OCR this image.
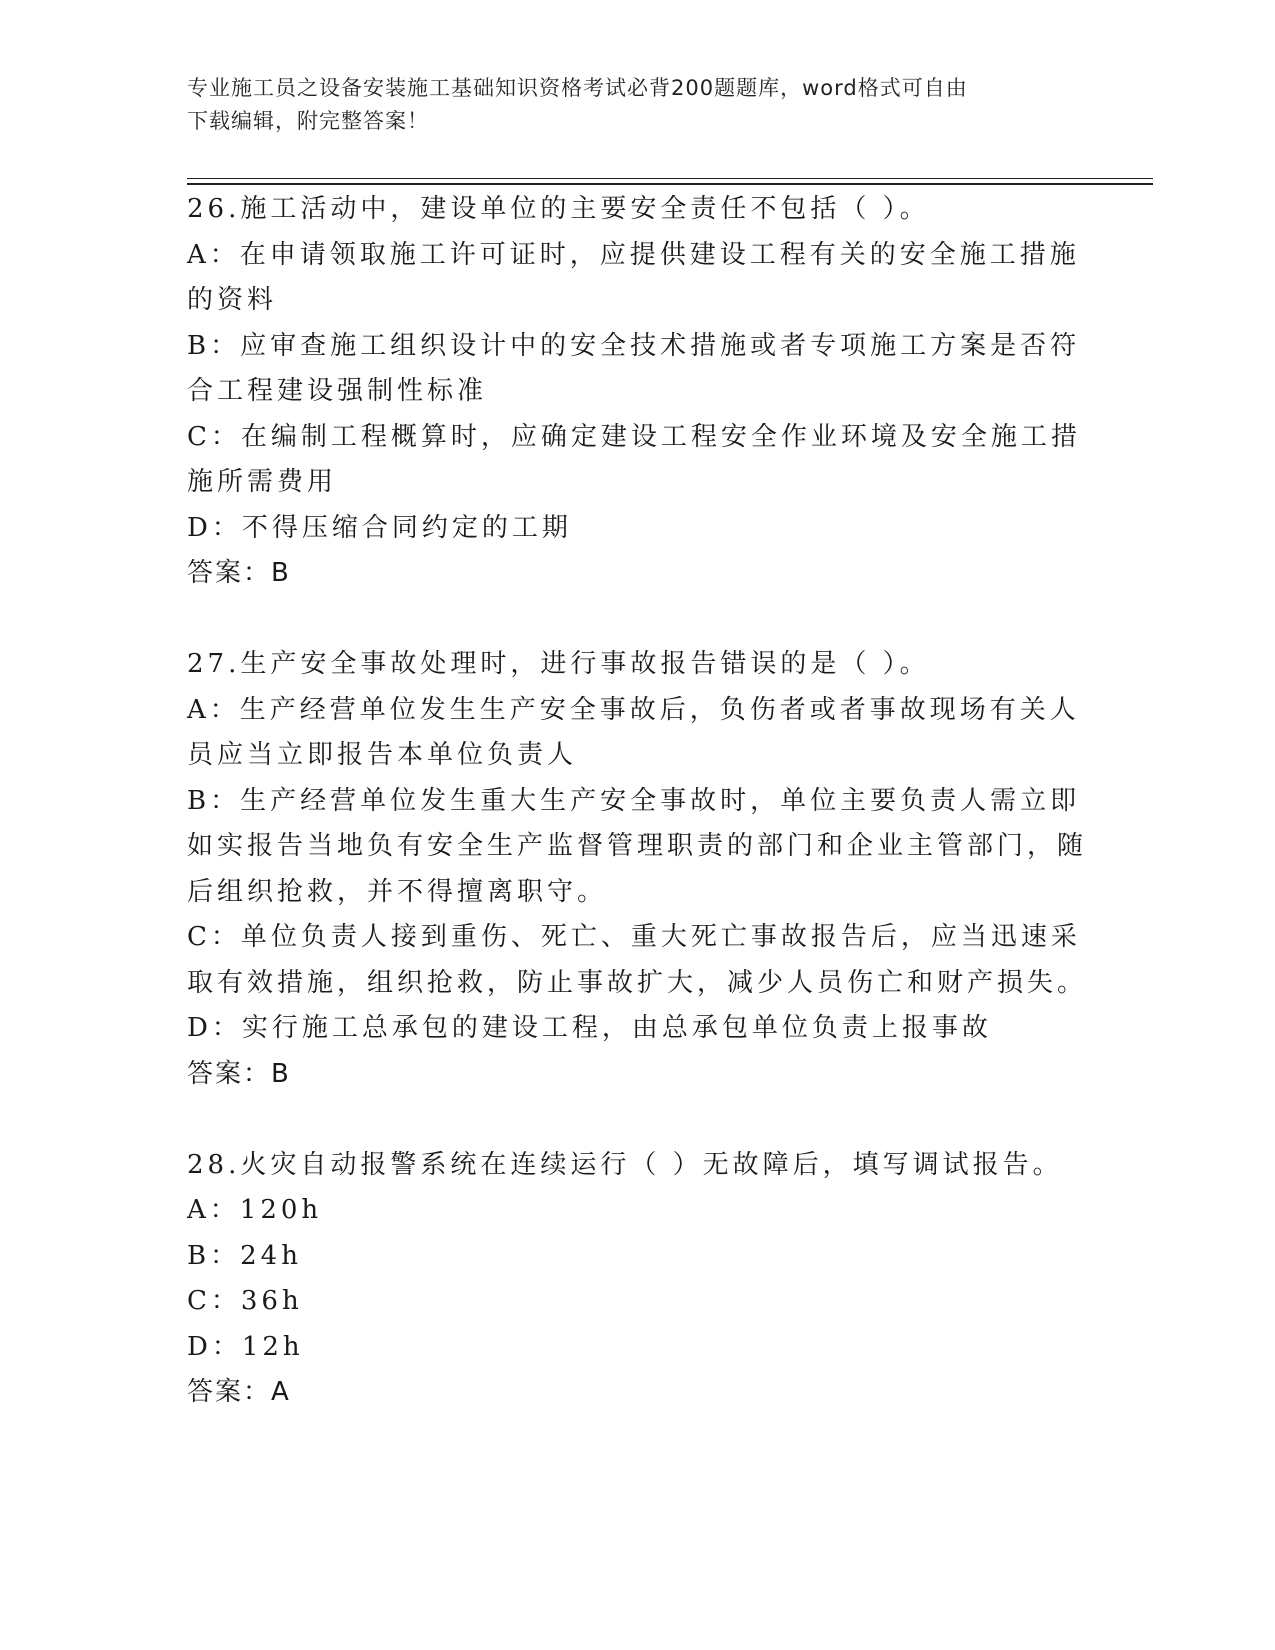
专业施工员之设备安装施工基础知识资格考试必背200题题库，word格式可自由
下载编辑，附完整答案！

26.施工活动中，建设单位的主要安全责任不包括（ ）。

A：在申请领取施工许可证时，应提供建设工程有关的安全施工措施的资料

B：应审查施工组织设计中的安全技术措施或者专项施工方案是否符合工程建设强制性标准

C：在编制工程概算时，应确定建设工程安全作业环境及安全施工措施所需费用

D：不得压缩合同约定的工期

答案：B

27.生产安全事故处理时，进行事故报告错误的是（ ）。

A：生产经营单位发生生产安全事故后，负伤者或者事故现场有关人员应当立即报告本单位负责人

B：生产经营单位发生重大生产安全事故时，单位主要负责人需立即如实报告当地负有安全生产监督管理职责的部门和企业主管部门，随后组织抢救，并不得擅离职守。

C：单位负责人接到重伤、死亡、重大死亡事故报告后，应当迅速采取有效措施，组织抢救，防止事故扩大，减少人员伤亡和财产损失。

D：实行施工总承包的建设工程，由总承包单位负责上报事故

答案：B

28.火灾自动报警系统在连续运行（ ）无故障后，填写调试报告。

A：120h

B：24h

C：36h

D：12h

答案：A
